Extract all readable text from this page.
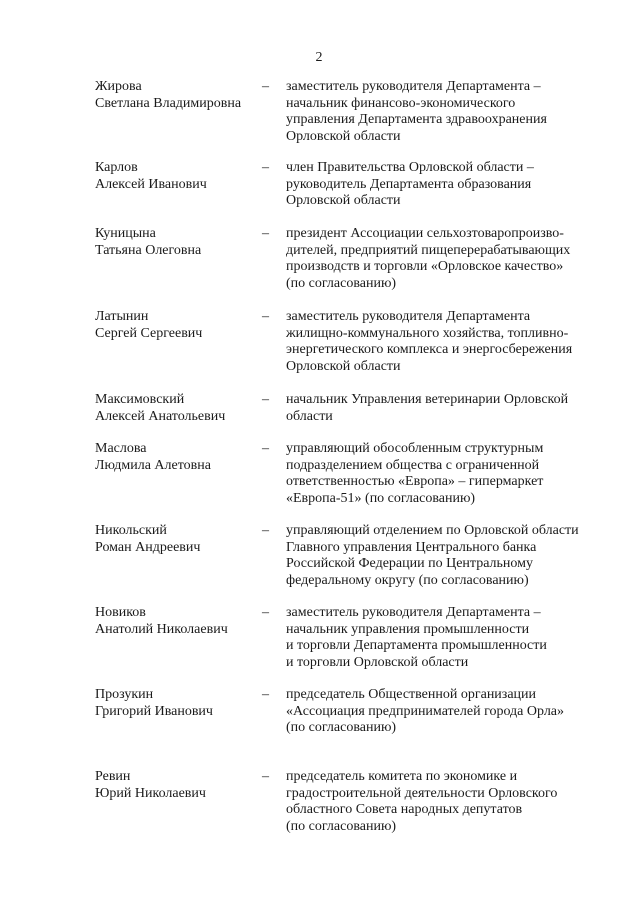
2
Жирова
Светлана Владимировна
– заместитель руководителя Департамента –
начальник финансово-экономического
управления Департамента здравоохранения
Орловской области
Карлов
Алексей Иванович
– член Правительства Орловской области –
руководитель Департамента образования
Орловской области
Куницына
Татьяна Олеговна
– президент Ассоциации сельхозтоваропроизво-
дителей, предприятий пищеперерабатывающих
производств и торговли «Орловское качество»
(по согласованию)
Латынин
Сергей Сергеевич
– заместитель руководителя Департамента
жилищно-коммунального хозяйства, топливно-
энергетического комплекса и энергосбережения
Орловской области
Максимовский
Алексей Анатольевич
– начальник Управления ветеринарии Орловской
области
Маслова
Людмила Алетовна
– управляющий обособленным структурным
подразделением общества с ограниченной
ответственностью «Европа» – гипермаркет
«Европа-51» (по согласованию)
Никольский
Роман Андреевич
– управляющий отделением по Орловской области
Главного управления Центрального банка
Российской Федерации по Центральному
федеральному округу (по согласованию)
Новиков
Анатолий Николаевич
– заместитель руководителя Департамента –
начальник управления промышленности
и торговли Департамента промышленности
и торговли Орловской области
Прозукин
Григорий Иванович
– председатель Общественной организации
«Ассоциация предпринимателей города Орла»
(по согласованию)
Ревин
Юрий Николаевич
– председатель комитета по экономике и
градостроительной деятельности Орловского
областного Совета народных депутатов
(по согласованию)
